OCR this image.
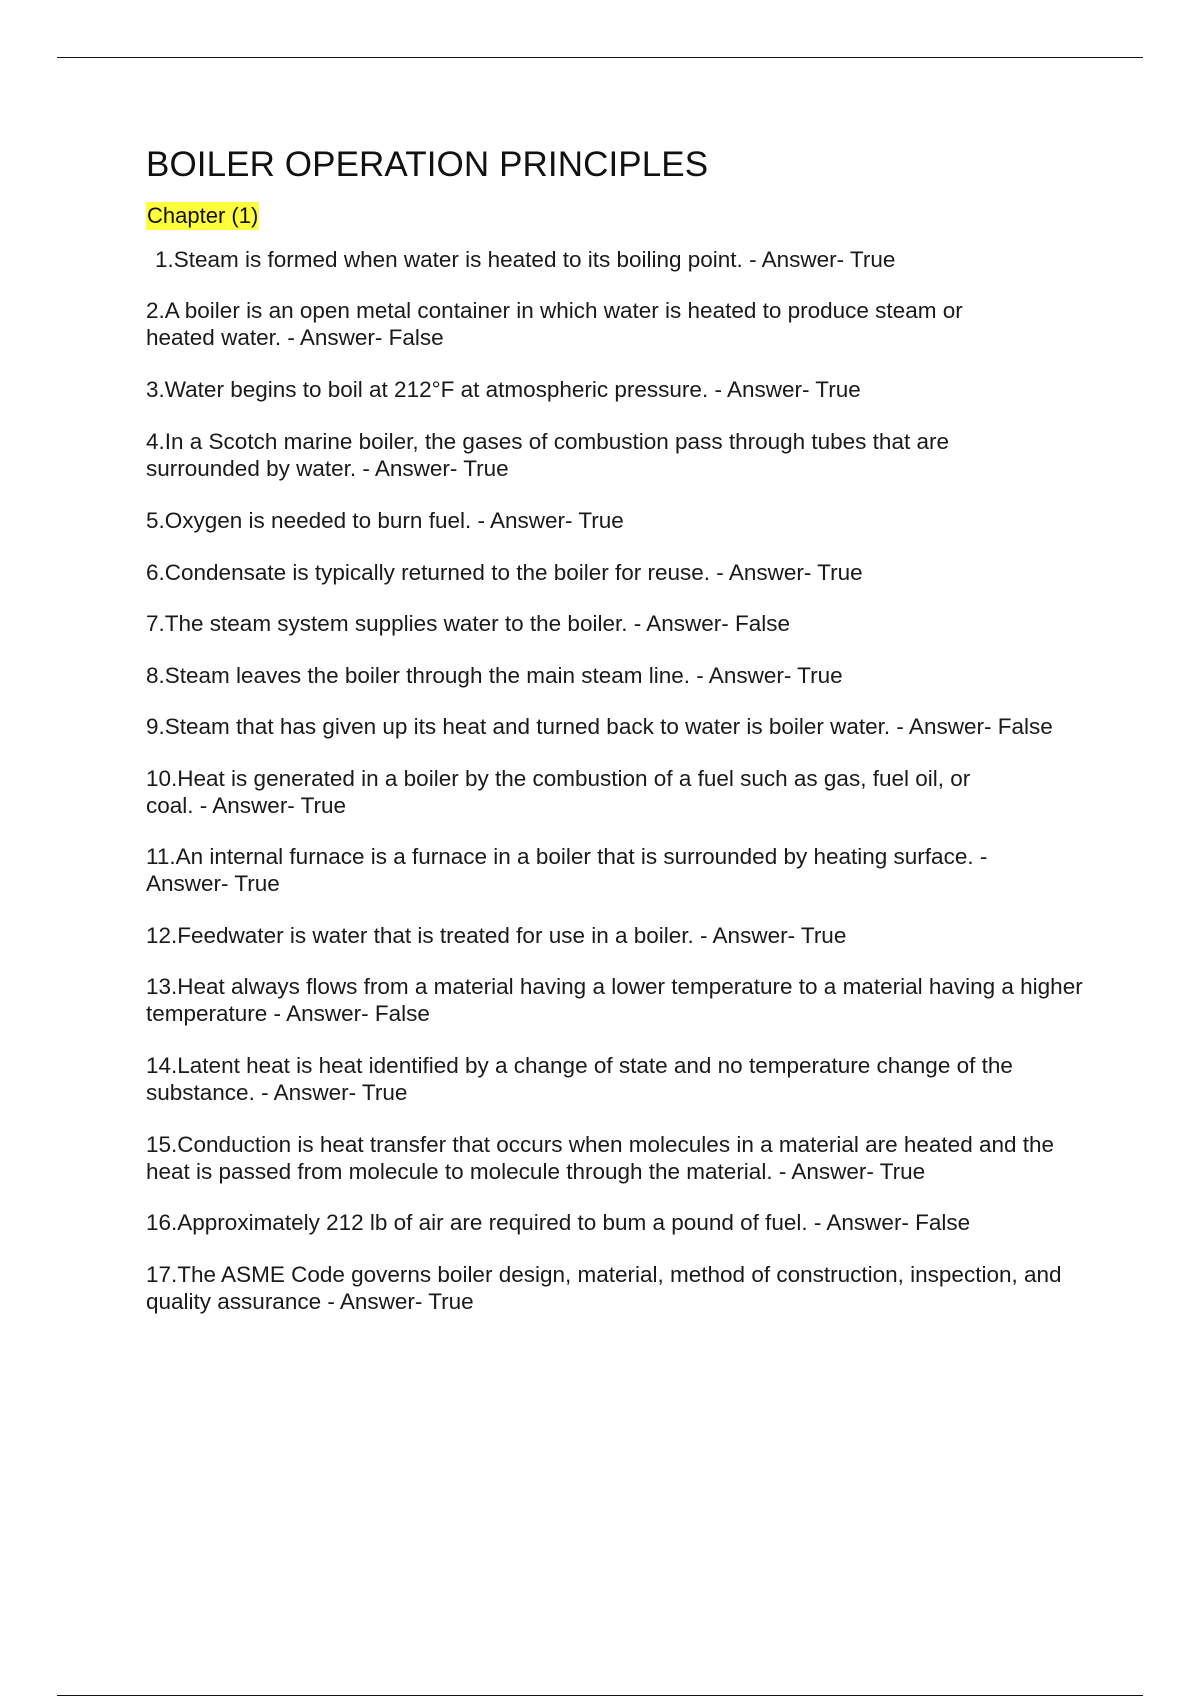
BOILER OPERATION PRINCIPLES
Chapter (1)
1.Steam is formed when water is heated to its boiling point. - Answer- True
2.A boiler is an open metal container in which water is heated to produce steam or heated water. - Answer- False
3.Water begins to boil at 212°F at atmospheric pressure. - Answer- True
4.In a Scotch marine boiler, the gases of combustion pass through tubes that are surrounded by water. - Answer- True
5.Oxygen is needed to burn fuel. - Answer- True
6.Condensate is typically returned to the boiler for reuse. - Answer- True
7.The steam system supplies water to the boiler. - Answer- False
8.Steam leaves the boiler through the main steam line. - Answer- True
9.Steam that has given up its heat and turned back to water is boiler water. - Answer- False
10.Heat is generated in a boiler by the combustion of a fuel such as gas, fuel oil, or coal. - Answer- True
11.An internal furnace is a furnace in a boiler that is surrounded by heating surface. - Answer- True
12.Feedwater is water that is treated for use in a boiler. - Answer- True
13.Heat always flows from a material having a lower temperature to a material having a higher temperature - Answer- False
14.Latent heat is heat identified by a change of state and no temperature change of the substance. - Answer- True
15.Conduction is heat transfer that occurs when molecules in a material are heated and the heat is passed from molecule to molecule through the material. - Answer- True
16.Approximately 212 lb of air are required to bum a pound of fuel. - Answer- False
17.The ASME Code governs boiler design, material, method of construction, inspection, and quality assurance - Answer- True
